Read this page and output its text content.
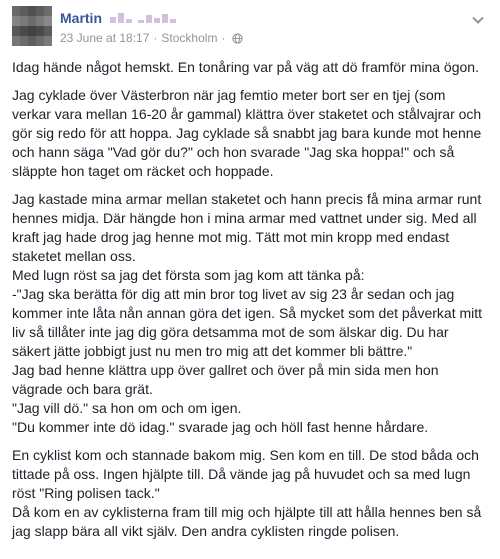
Martin
23 June at 18:17 · Stockholm ·

Idag hände något hemskt. En tonåring var på väg att dö framför mina ögon.

Jag cyklade över Västerbron när jag femtio meter bort ser en tjej (som verkar vara mellan 16-20 år gammal) klättra över staketet och stålvajrar och gör sig redo för att hoppa. Jag cyklade så snabbt jag bara kunde mot henne och hann säga "Vad gör du?" och hon svarade "Jag ska hoppa!" och så släppte hon taget om räcket och hoppade.

Jag kastade mina armar mellan staketet och hann precis få mina armar runt hennes midja. Där hängde hon i mina armar med vattnet under sig. Med all kraft jag hade drog jag henne mot mig. Tätt mot min kropp med endast staketet mellan oss.
Med lugn röst sa jag det första som jag kom att tänka på:
-"Jag ska berätta för dig att min bror tog livet av sig 23 år sedan och jag kommer inte låta nån annan göra det igen. Så mycket som det påverkat mitt liv så tillåter inte jag dig göra detsamma mot de som älskar dig. Du har säkert jätte jobbigt just nu men tro mig att det kommer bli bättre."
Jag bad henne klättra upp över gallret och över på min sida men hon vägrade och bara grät.
"Jag vill dö." sa hon om och om igen.
"Du kommer inte dö idag." svarade jag och höll fast henne hårdare.

En cyklist kom och stannade bakom mig. Sen kom en till. De stod båda och tittade på oss. Ingen hjälpte till. Då vände jag på huvudet och sa med lugn röst "Ring polisen tack."
Då kom en av cyklisterna fram till mig och hjälpte till att hålla hennes ben så jag slapp bära all vikt själv. Den andra cyklisten ringde polisen.
